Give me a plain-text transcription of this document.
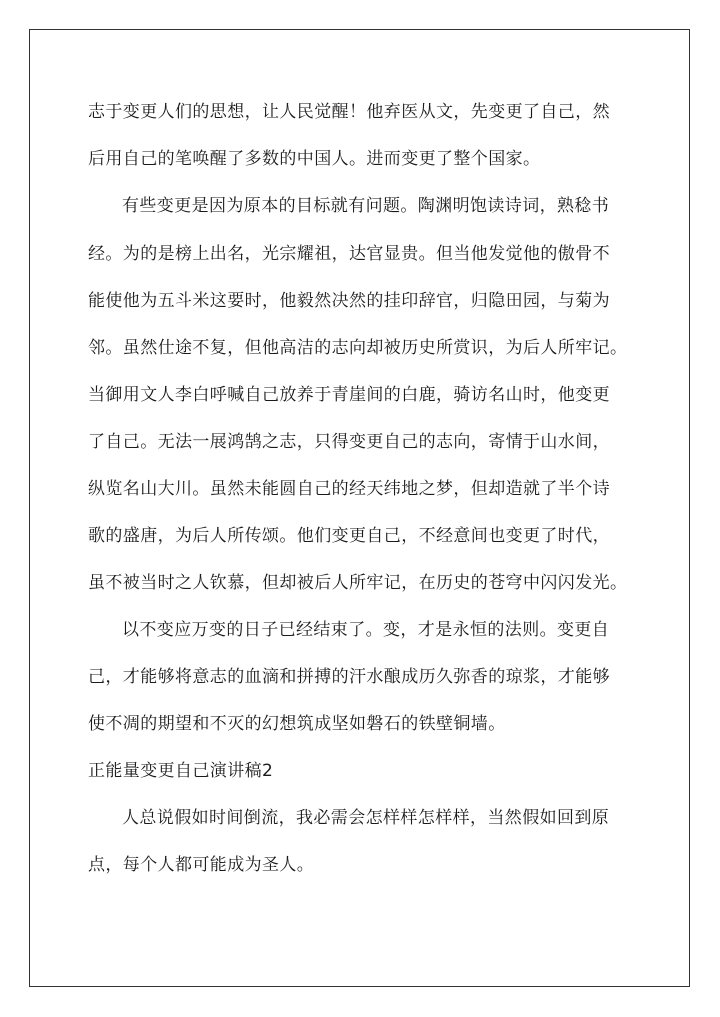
志于变更人们的思想，让人民觉醒！他弃医从文，先变更了自己，然
后用自己的笔唤醒了多数的中国人。进而变更了整个国家。
有些变更是因为原本的目标就有问题。陶渊明饱读诗词，熟稔书
经。为的是榜上出名，光宗耀祖，达官显贵。但当他发觉他的傲骨不
能使他为五斗米这要时，他毅然决然的挂印辞官，归隐田园，与菊为
邻。虽然仕途不复，但他高洁的志向却被历史所赏识，为后人所牢记。
当御用文人李白呼喊自己放养于青崖间的白鹿，骑访名山时，他变更
了自己。无法一展鸿鹄之志，只得变更自己的志向，寄情于山水间，
纵览名山大川。虽然未能圆自己的经天纬地之梦，但却造就了半个诗
歌的盛唐，为后人所传颂。他们变更自己，不经意间也变更了时代，
虽不被当时之人钦慕，但却被后人所牢记，在历史的苍穹中闪闪发光。
以不变应万变的日子已经结束了。变，才是永恒的法则。变更自
己，才能够将意志的血滴和拼搏的汗水酿成历久弥香的琼浆，才能够
使不凋的期望和不灭的幻想筑成坚如磐石的铁壁铜墙。
正能量变更自己演讲稿2
人总说假如时间倒流，我必需会怎样样怎样样，当然假如回到原
点，每个人都可能成为圣人。
